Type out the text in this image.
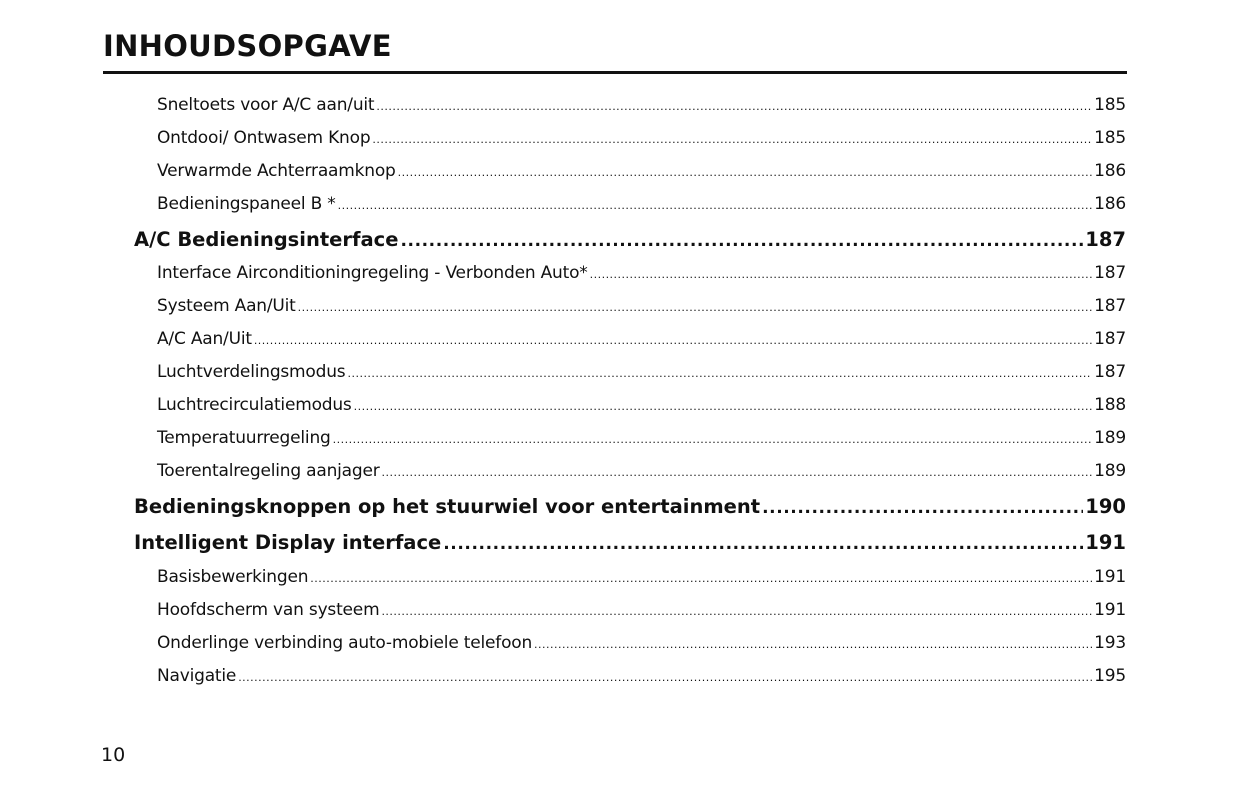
INHOUDSOPGAVE
Sneltoets voor A/C aan/uit .....	185
Ontdooi/ Ontwasem Knop .....	185
Verwarmde Achterraamknop .....	186
Bedieningspaneel B * .....	186
A/C Bedieningsinterface .....	187
Interface Airconditioningregeling - Verbonden Auto* .....	187
Systeem Aan/Uit .....	187
A/C Aan/Uit .....	187
Luchtverdelingsmodus .....	187
Luchtrecirculatiemodus .....	188
Temperatuurregeling .....	189
Toerentalregeling aanjager .....	189
Bedieningsknoppen op het stuurwiel voor entertainment .....	190
Intelligent Display interface .....	191
Basisbewerkingen .....	191
Hoofdscherm van systeem .....	191
Onderlinge verbinding auto-mobiele telefoon .....	193
Navigatie .....	195
10
